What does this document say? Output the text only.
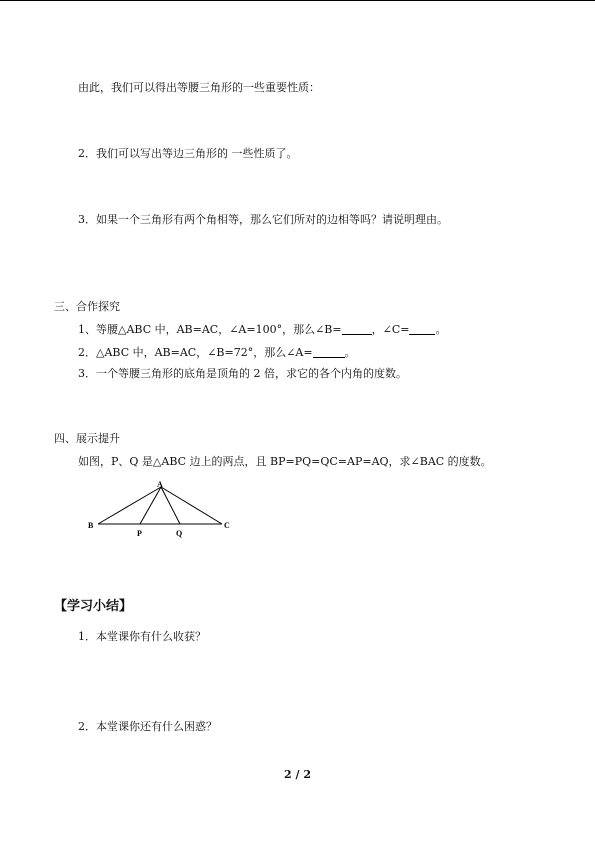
由此，我们可以得出等腰三角形的一些重要性质：
2．我们可以写出等边三角形的 一些性质了。
3．如果一个三角形有两个角相等，那么它们所对的边相等吗？请说明理由。
三、合作探究
1、等腰△ABC 中，AB=AC，∠A=100°，那么∠B=	，∠C= 。
2．△ABC 中，AB=AC，∠B=72°，那么∠A=	。
3．一个等腰三角形的底角是顶角的 2 倍，求它的各个内角的度数。
四、展示提升
如图，P、Q 是△ABC 边上的两点，且 BP=PQ=QC=AP=AQ，求∠BAC 的度数。
A
B	C
P	Q
【学习小结】
1．本堂课你有什么收获？
2．本堂课你还有什么困惑？
2 / 2
